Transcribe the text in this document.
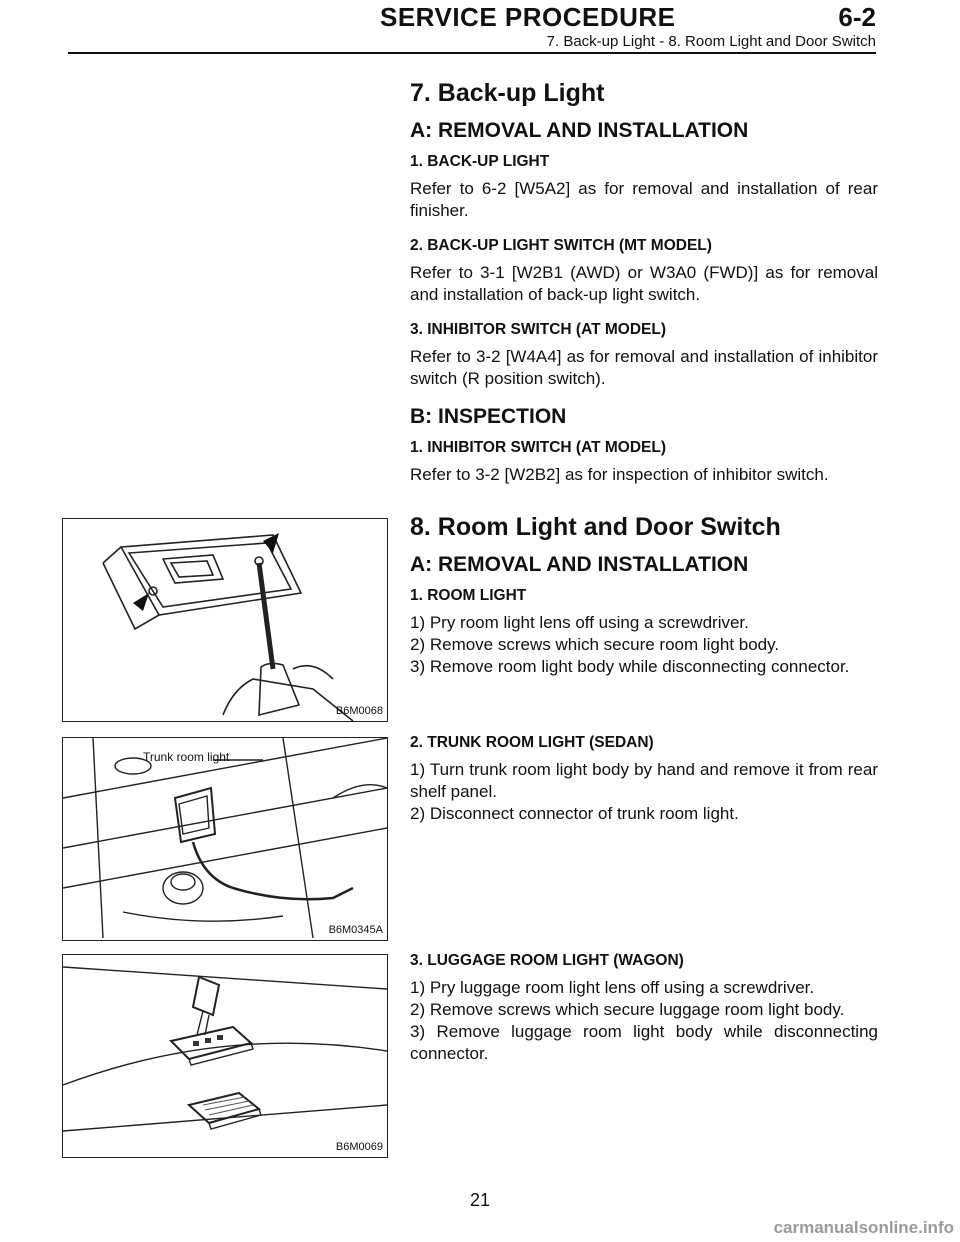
SERVICE PROCEDURE	6-2
7. Back-up Light - 8. Room Light and Door Switch
7. Back-up Light
A: REMOVAL AND INSTALLATION
1. BACK-UP LIGHT

Refer to 6-2 [W5A2] as for removal and installation of rear finisher.

2. BACK-UP LIGHT SWITCH (MT MODEL)

Refer to 3-1 [W2B1 (AWD) or W3A0 (FWD)] as for removal and installation of back-up light switch.

3. INHIBITOR SWITCH (AT MODEL)

Refer to 3-2 [W4A4] as for removal and installation of inhibitor switch (R position switch).

B: INSPECTION
1. INHIBITOR SWITCH (AT MODEL)

Refer to 3-2 [W2B2] as for inspection of inhibitor switch.

8. Room Light and Door Switch
A: REMOVAL AND INSTALLATION
1. ROOM LIGHT
1) Pry room light lens off using a screwdriver.
2) Remove screws which secure room light body.
3) Remove room light body while disconnecting connector.
2. TRUNK ROOM LIGHT (SEDAN)
1) Turn trunk room light body by hand and remove it from rear shelf panel.
2) Disconnect connector of trunk room light.
3. LUGGAGE ROOM LIGHT (WAGON)
1) Pry luggage room light lens off using a screwdriver.
2) Remove screws which secure luggage room light body.
3) Remove luggage room light body while disconnecting connector.
B6M0068
Trunk room light
B6M0345A
B6M0069
21
carmanualsonline.info
